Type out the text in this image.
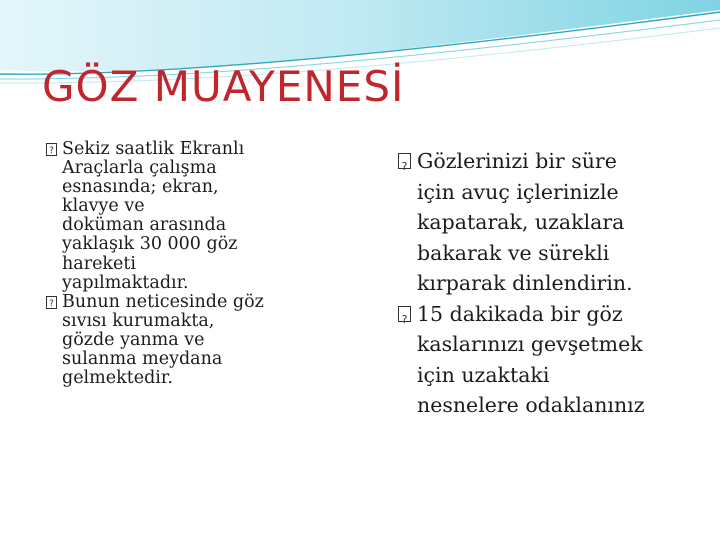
GÖZ MUAYENESİ
?
Sekiz saatlik Ekranlı
Araçlarla çalışma
esnasında; ekran,
klavye ve
doküman arasında
yaklaşık 30 000 göz
hareketi
yapılmaktadır.
?
Bunun neticesinde göz
sıvısı kurumakta,
gözde yanma ve
sulanma meydana
gelmektedir.
?
Gözlerinizi bir süre
için avuç içlerinizle
kapatarak, uzaklara
bakarak ve sürekli
kırparak dinlendirin.
?
15 dakikada bir göz
kaslarınızı gevşetmek
için uzaktaki
nesnelere odaklanınız
